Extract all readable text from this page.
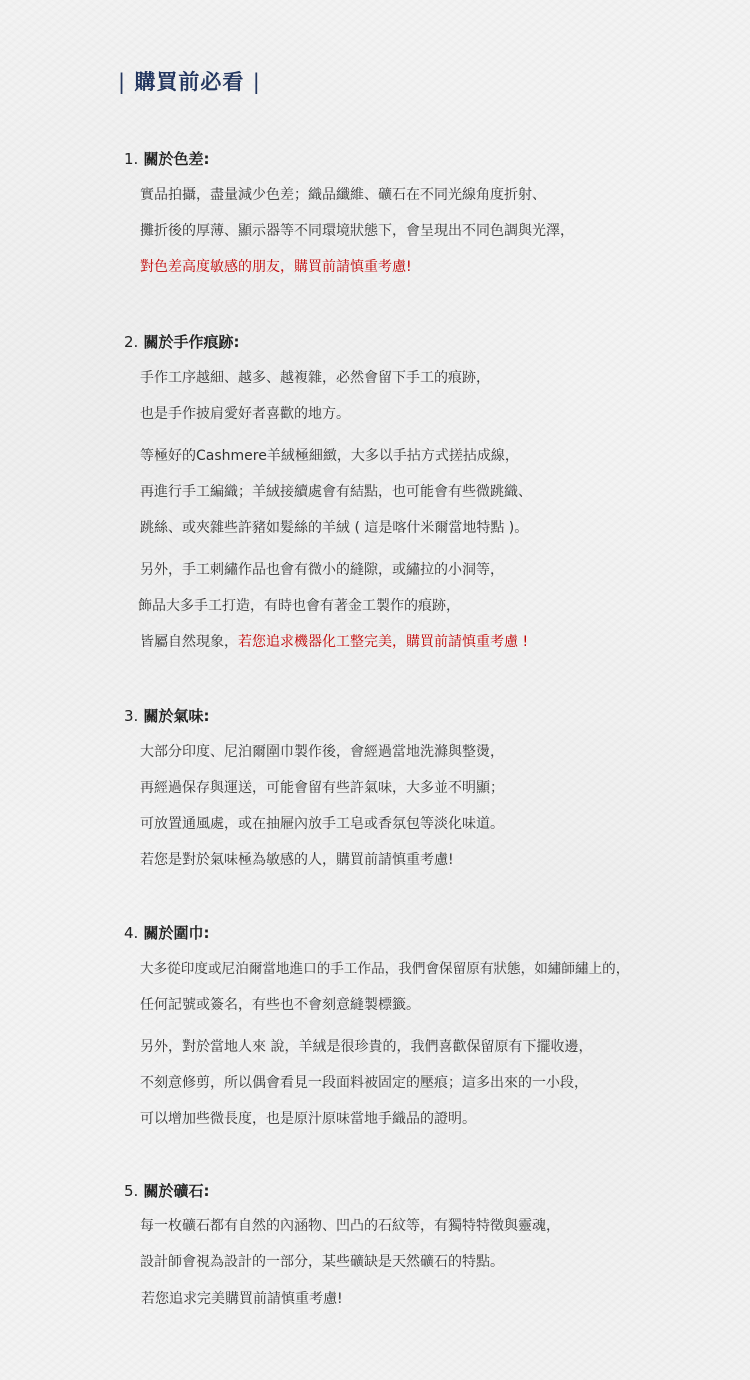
| 購買前必看 |
1. 關於色差:
實品拍攝，盡量減少色差；織品纖維、礦石在不同光線角度折射、
攤折後的厚薄、顯示器等不同環境狀態下，會呈現出不同色調與光澤，
對色差高度敏感的朋友，購買前請慎重考慮!
2. 關於手作痕跡:
手作工序越細、越多、越複雜，必然會留下手工的痕跡，
也是手作披肩愛好者喜歡的地方。
等極好的Cashmere羊絨極細緻，大多以手拈方式搓拈成線，
再進行手工編織；羊絨接續處會有結點，也可能會有些微跳織、
跳絲、或夾雜些許豬如髮絲的羊絨 ( 這是喀什米爾當地特點 )。
另外，手工刺繡作品也會有微小的縫隙，或繡拉的小洞等，
飾品大多手工打造，有時也會有著金工製作的痕跡，
皆屬自然現象，若您追求機器化工整完美，購買前請慎重考慮 !
3. 關於氣味:
大部分印度、尼泊爾圍巾製作後，會經過當地洗滌與整燙，
再經過保存與運送，可能會留有些許氣味，大多並不明顯；
可放置通風處，或在抽屜內放手工皂或香氛包等淡化味道。
若您是對於氣味極為敏感的人，購買前請慎重考慮!
4. 關於圍巾:
大多從印度或尼泊爾當地進口的手工作品，我們會保留原有狀態，如繡師繡上的，
任何記號或簽名，有些也不會刻意縫製標籤。
另外，對於當地人來 說，羊絨是很珍貴的，我們喜歡保留原有下擺收邊，
不刻意修剪，所以偶會看見一段面料被固定的壓痕；這多出來的一小段，
可以增加些微長度，也是原汁原味當地手織品的證明。
5. 關於礦石:
每一枚礦石都有自然的內涵物、凹凸的石紋等，有獨特特徵與靈魂，
設計師會視為設計的一部分，某些礦缺是天然礦石的特點。
若您追求完美購買前請慎重考慮!
